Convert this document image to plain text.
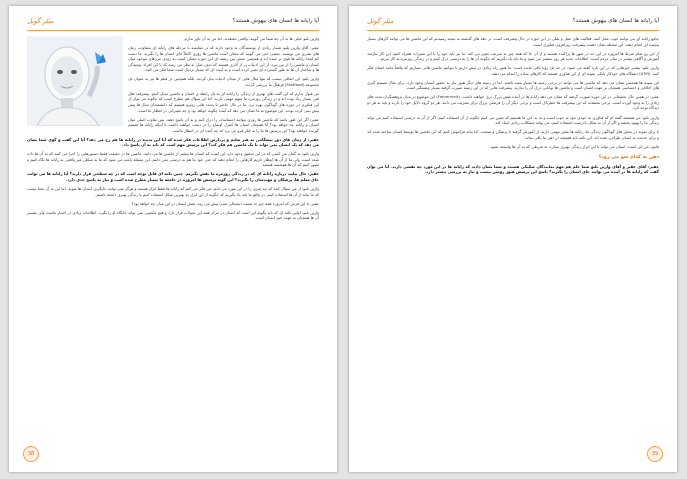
مثلر گوتل	آیا رایانه ها انسان های بیهوش هستند؟

وارین بلتو خیلی ها به آن چه شما می گویید، واقعی معتقدند. اما من به آن باور ندارم.

عقیر: آقای وارین بلتو، شمار زیادی از نویسندگان به وجود دارند که در مقایسه با مرحله های رایانه ای متفاوت، رمان های بشری می نویسند. بعضی حتی می گویند که ممکن است ماشین ها روزی کاملاً جای انسان ها را بگیرند. ما دست کم اینجا رایانه ها قوی تر شده اند و همچنین بخش بین رشته ای این حوزه ممکن است به زودی مرزهای موجود میان انسان و ماشین را از بین ببرد. از این ادبیات پر از آثاری هستند که بدون شک به نظر می رسد که با این افراد، پیچیدگی ها و ساختار آن ها به طور گسترده ای تغییر کرده است و به آینده ای که بسیار نزدیک است شما فکر می کنید.

وارین بلتو: این اتفاقی نیست که تنها مثال هایی از میدان ادبیات بیان کردید. بلکه همچنین در فیلم ها نیز به عنوان یک مجموعه (Fastfood) فرهنگ ما بررسی گردید.

من قبول ندارم که این گفت های بهتری از زندگی را رایانه ای به یک رابطه ی انسان و ماشین تبدیل کنیم. پیشرفت های فنی بسیار زیاد بوده اند و در زندگی روزمره ما سهم مهمی دارند. اما این سؤال هم مطرح است که چگونه می توان از این فناوری در حوزه های گوناگون بهره برد. ما در حال حاضر با پدیده هایی روبرو هستیم که دانشمندان سال ها پیش پیش بینی کرده بودند. این موضوع به ما نشان می دهد که آینده چگونه خواهد بود و چه تغییراتی در انتظار ما است.

عقیر: اگر این طور باشد که ماشین ها روزی بتوانند احساسات را درک کنند و به آن پاسخ دهند، پس تفاوت اصلی میان انسان و رایانه چه خواهد بود؟ آیا همچنان انسان ها کنترل اوضاع را در دست خواهند داشت یا اینکه رایانه ها تصمیم گیرنده خواهند بود؟ این پرسش ها ما را به فکر فرو می برد که چه آینده ای در انتظار ماست.

عقیر: از زمان های دور پیشگامی به هنر تعلیم و پردازش اطلاعات فکر شده که آیا این پدیده در رایانه ها هم رخ می دهد؟ آیا این گفت و گوی شما نشان می دهد که یک انسان نمی تواند با یک ماشین هم فکر کند؟ این پرسش مهم است که باید به آن پاسخ داد.

وارین بلتو: به گمان من کسی که در این تحقیق وجود دارد این است که انسان ها بیشتر از ماشین ها می دانند. ماشین ها در حقیقت فقط دستورهایی را اجرا می کنند که به آن ها داده شده است. ولی ما از آن ها انتظار داریم کارهایی را انجام دهند که حتی خود ما هم به درستی نمی دانیم. این مسئله باعث می شود که ما به شکلی غیر واقعی به رایانه ها نگاه کنیم و تصور کنیم که آن ها هوشمند هستند.

عقیر: حال بیایید درباره رایانه ای که در زندگی روزمره ما نقش بگیریم. چنین نکته ای قابل توجه است که در چه سطحی قرار دارند؟ آیا رایانه ها می توانند جای معلم ها، پزشکان و مهندسان را بگیرند؟ این گونه پرسش ها امروزه در جامعه ما بسیار مطرح شده است و نیاز به پاسخ جدی دارد.

وارین بلتو: از من سؤال کنید که چه چیزی را در این مورد می دانم. من فکر می کنم که رایانه ها فقط ابزار هستند و هرگز نمی توانند جایگزین انسان ها شوند. اما این به آن معنا نیست که ما نباید از آن ها استفاده کنیم. در واقع ما باید یاد بگیریم که چگونه از این ابزار به بهترین شکل استفاده کنیم تا زندگی بهتری داشته باشیم.

عقیر: با این فرض که امروزه همه چیز به سمت دیجیتالی شدن پیش می رود، نقش انسان در این میان چه خواهد بود؟

وارین بلتو: اولین نکته ای که باید بگویم این است که انسان در مرکز همه این تحولات قرار دارد و هیچ ماشینی نمی تواند جایگاه او را بگیرد. اطلاعات زیادی در اختیار ماست ولی تفسیر آن ها همچنان به عهده خود انسان است.

38
مثلر گوتل	آیا رایانه ها انسان های بیهوش هستند؟

جامع رایانه ای می توانند خوب عمل کنند. فعالیت های عمل و نقلی در این حوزه در حال پیشرفت است. در دهه های گذشته به نتیجه رسیدیم که این ماشین ها می توانند کارهای بسیار پیچیده ای انجام دهند. این مسئله نشان دهنده پیشرفت روزافزون فناوری است.

از این رو تمام شرط ها امروزه در این حد در شهر ها پراکنده هستند و از آن جا که همه چیز به سرعت تغییر می کند، ما نیز باید خود را با این تغییرات همراه کنیم. این کار نیازمند آموزش و آگاهی بیشتر در میان مردم است. اطلاعات جدید هر روز منتشر می شود و ما باید یاد بگیریم که چگونه آن ها را به درستی درک کنیم و در زندگی روزمره به کار ببریم.

وارین بلتو: بیشتر چیزهایی که در این باره گفته می شود، در حد یک رؤیا باقی مانده است. ما هنوز راه زیادی در پیش داریم تا بتوانیم ماشین هایی بسازیم که واقعاً مانند انسان فکر کنند. (ATM) دستگاه های خودکار بانکی نمونه ای از این فناوری هستند که کارهای ساده را انجام می دهند.

این نمونه ها همچنین نشان می دهد که ماشین ها می توانند در برخی زمینه ها بسیار مفید باشند. اما در زمینه های دیگر هنوز نیاز به حضور انسان وجود دارد. برای مثال تصمیم گیری های اخلاقی و احساسی همچنان بر عهده انسان است و ماشین ها توانایی درک آن را ندارند. پیشرفت هایی که در این زمینه صورت گرفته بسیار چشمگیر است.

عقیر: در همین حال تحقیقاتی در این حوزه صورت گرفته که نشان می دهد رایانه ها در آینده نقش بزرگ تری خواهند داشت. (Fahrenheit) این موضوع در میان پژوهشگران بحث های زیادی را به وجود آورده است. برخی معتقدند که این پیشرفت ها خطرناک است و برخی دیگر آن را فرصتی بزرگ برای بشریت می دانند. هر دو گروه دلایل خود را دارند و باید به هر دو دیدگاه توجه کرد.

وارین بلتو: من همیشه گفته ام که فناوری به خودی خود نه خوب است و نه بد. این ما هستیم که تعیین می کنیم چگونه از آن استفاده کنیم. اگر از آن به درستی استفاده کنیم می تواند زندگی ما را بهبود بخشد و اگر از آن به شکل نادرست استفاده کنیم، می تواند مشکلات زیادی ایجاد کند.

با برای نمونه در بخش های گوناگون زندگی ما، رایانه ها نقش مهمی دارند. از آموزش گرفته تا پزشکی و صنعت. اما نباید فراموش کنیم که این ماشین ها توسط انسان ساخته شده اند و برای خدمت به انسان طراحی شده اند. این نکته باید همیشه در ذهن ما باقی بماند.

قانون من این است: انسان می تواند با این ابزار زندگی بهتری بسازد، به شرطی که به آن ها وابسته نشود.

ذهن به کدام سو می رود؟

عقیر: آقای عقیر و آقای وارین بلتو شما علم هم مهم نمایندگان شکیکی هستند و شما نشان دادید که رایانه ها در این مورد چه نقشی دارند. آیا می توان گفت که رایانه ها در آینده می توانند جای انسان را بگیرند؟ پاسخ این پرسش هنوز روشن نیست و نیاز به بررسی بیشتر دارد.

39
